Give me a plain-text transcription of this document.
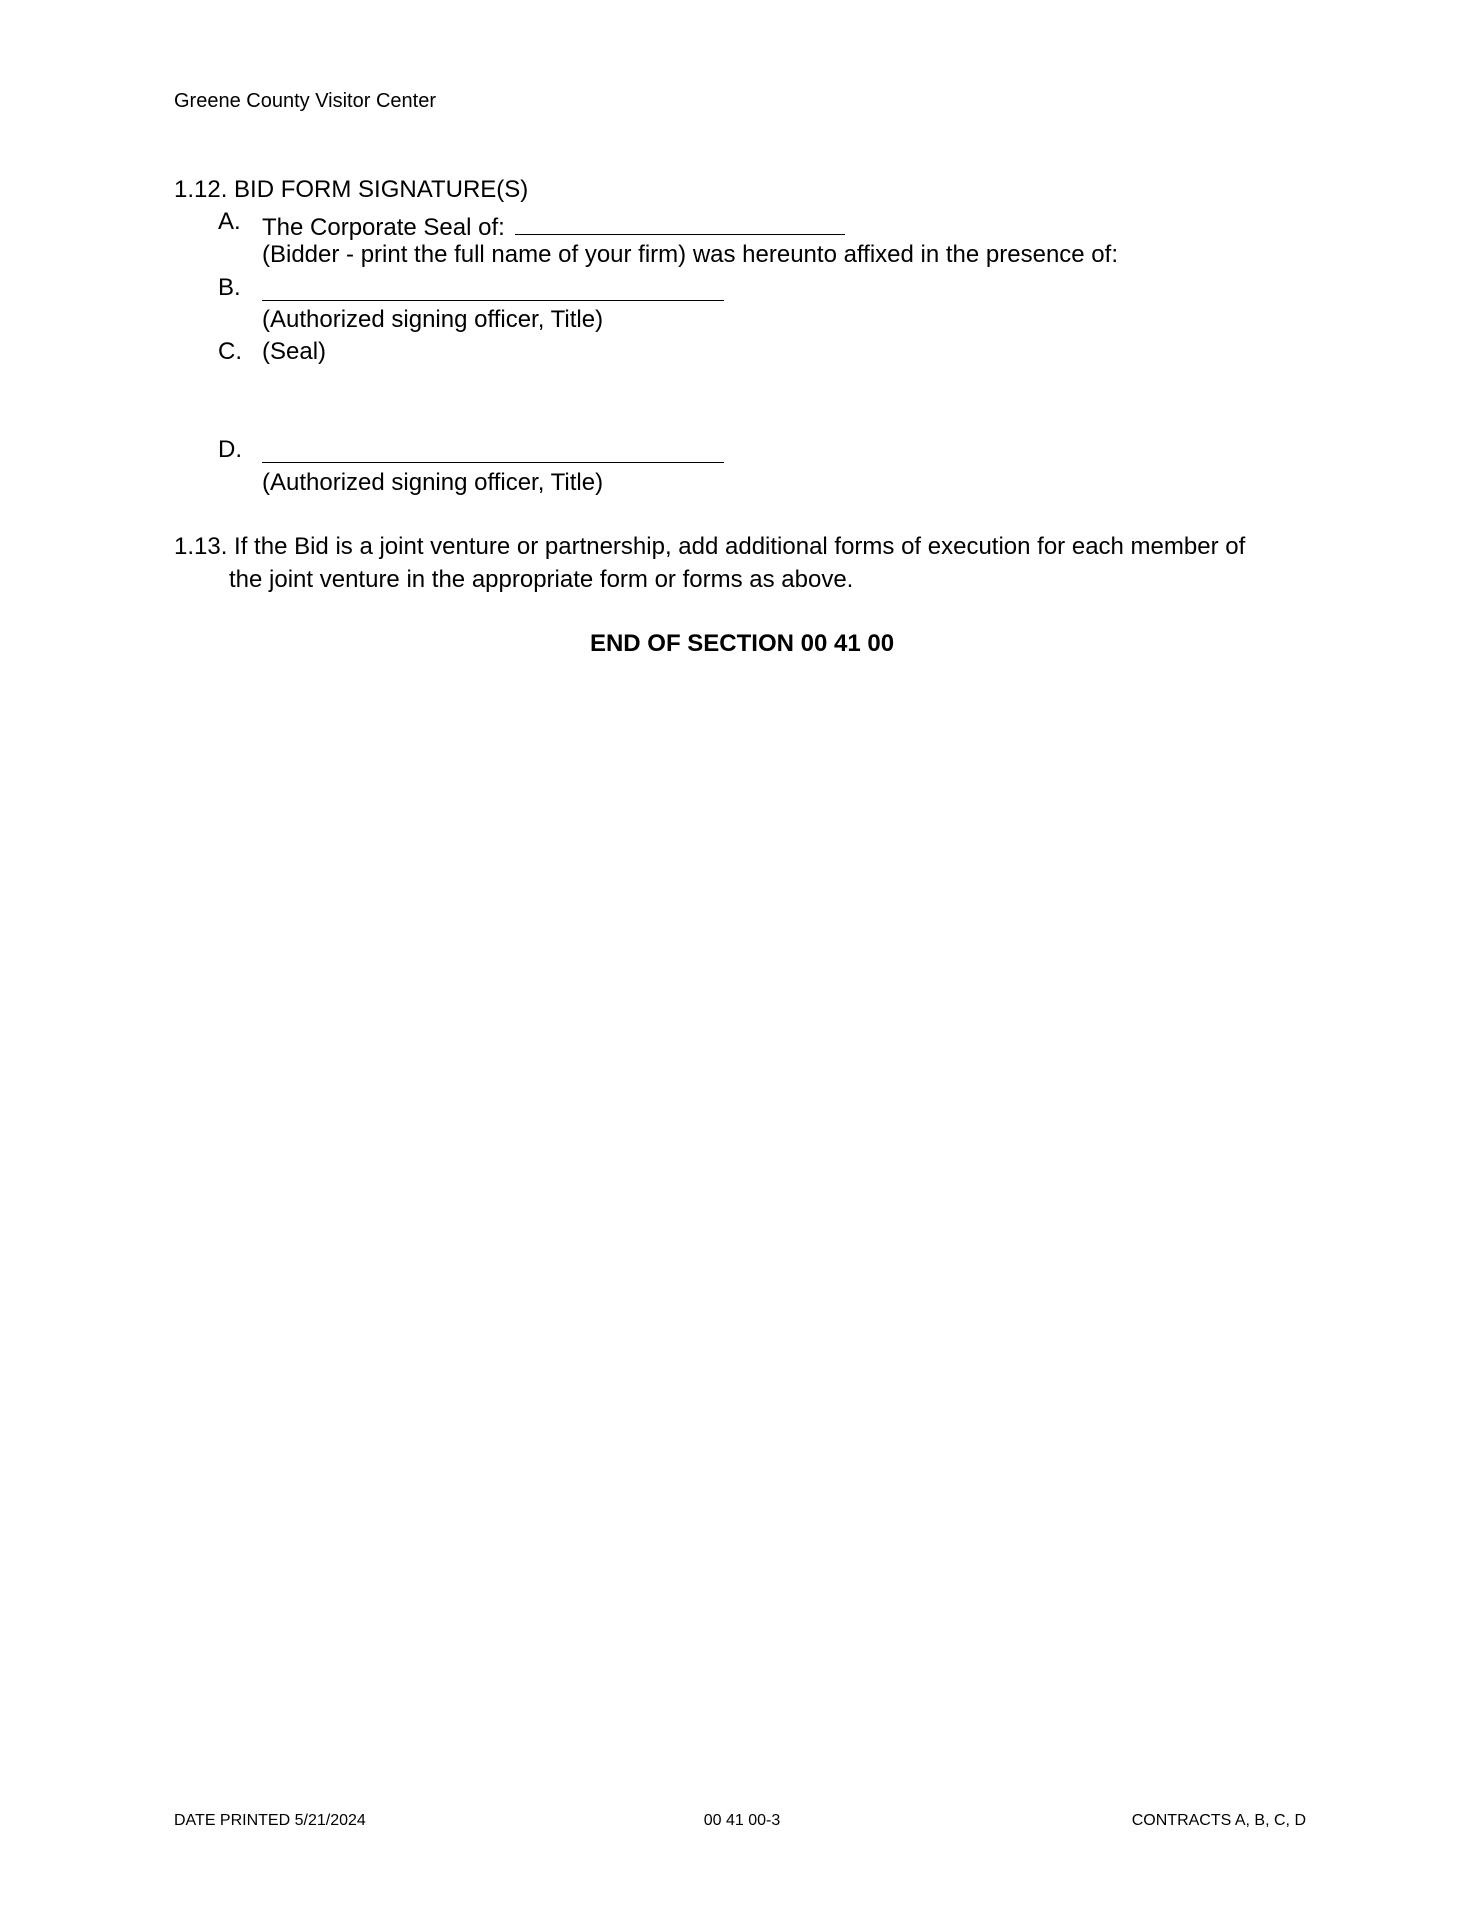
Greene County Visitor Center
1.12. BID FORM SIGNATURE(S)
A. The Corporate Seal of:
(Bidder - print the full name of your firm) was hereunto affixed in the presence of:
B.
(Authorized signing officer, Title)
C. (Seal)
D.
(Authorized signing officer, Title)
1.13. If the Bid is a joint venture or partnership, add additional forms of execution for each member of
the joint venture in the appropriate form or forms as above.
END OF SECTION 00 41 00
DATE PRINTED 5/21/2024	00 41 00-3	CONTRACTS A, B, C, D
